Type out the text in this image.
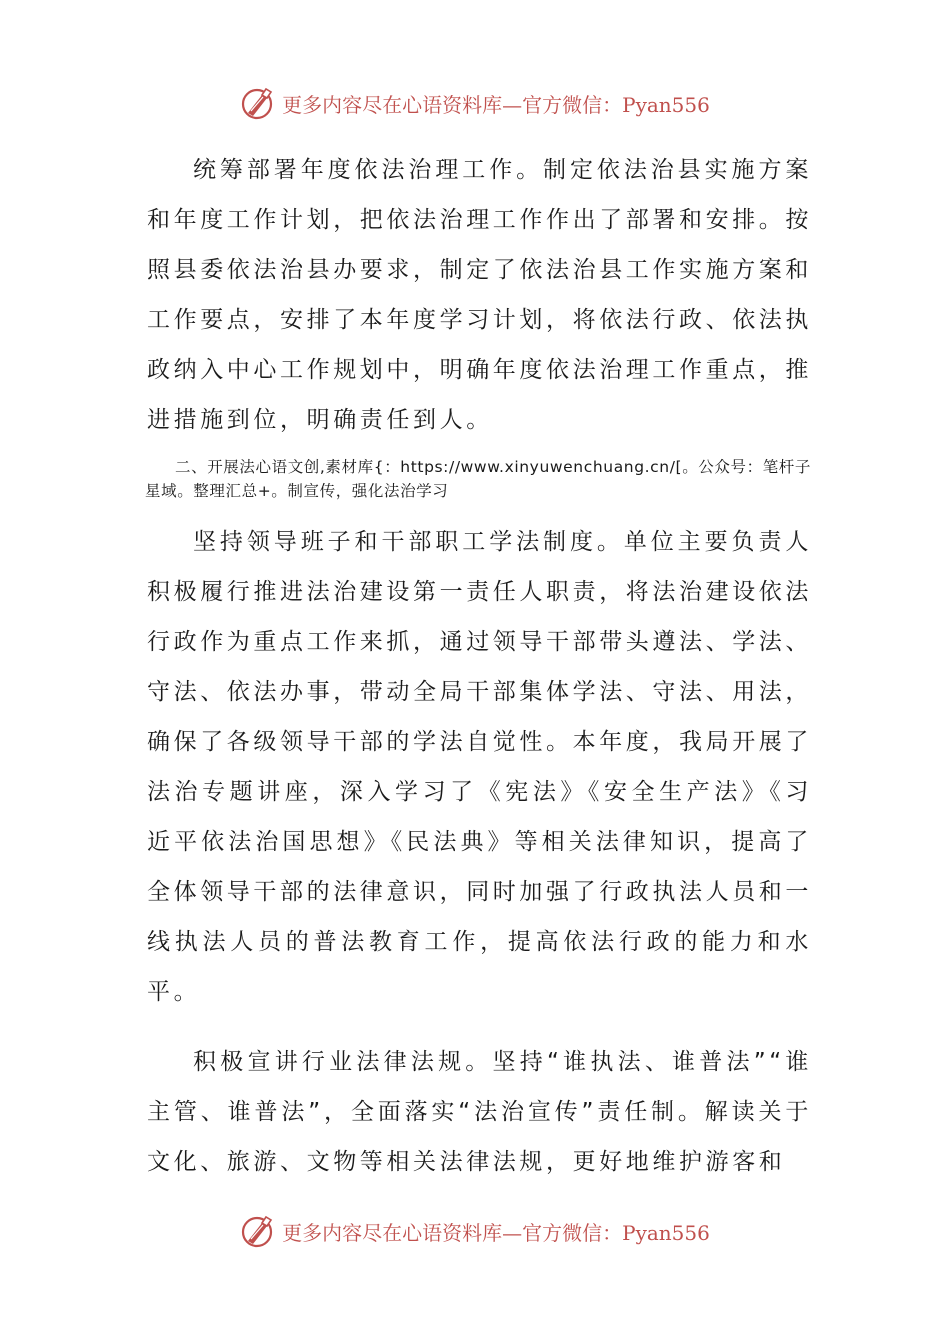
更多内容尽在心语资料库—官方微信：Pyan556

统筹部署年度依法治理工作。制定依法治县实施方案和年度工作计划，把依法治理工作作出了部署和安排。按照县委依法治县办要求，制定了依法治县工作实施方案和工作要点，安排了本年度学习计划，将依法行政、依法执政纳入中心工作规划中，明确年度依法治理工作重点，推进措施到位，明确责任到人。

二、开展法心语文创,素材库{：https://www.xinyuwenchuang.cn/[。公众号：笔杆子星域。整理汇总+。制宣传，强化法治学习

坚持领导班子和干部职工学法制度。单位主要负责人积极履行推进法治建设第一责任人职责，将法治建设依法行政作为重点工作来抓，通过领导干部带头遵法、学法、守法、依法办事，带动全局干部集体学法、守法、用法，确保了各级领导干部的学法自觉性。本年度，我局开展了法治专题讲座，深入学习了《宪法》《安全生产法》《习近平依法治国思想》《民法典》等相关法律知识，提高了全体领导干部的法律意识，同时加强了行政执法人员和一线执法人员的普法教育工作，提高依法行政的能力和水平。

积极宣讲行业法律法规。坚持“谁执法、谁普法”“谁主管、谁普法”，全面落实“法治宣传”责任制。解读关于文化、旅游、文物等相关法律法规，更好地维护游客和

更多内容尽在心语资料库—官方微信：Pyan556
